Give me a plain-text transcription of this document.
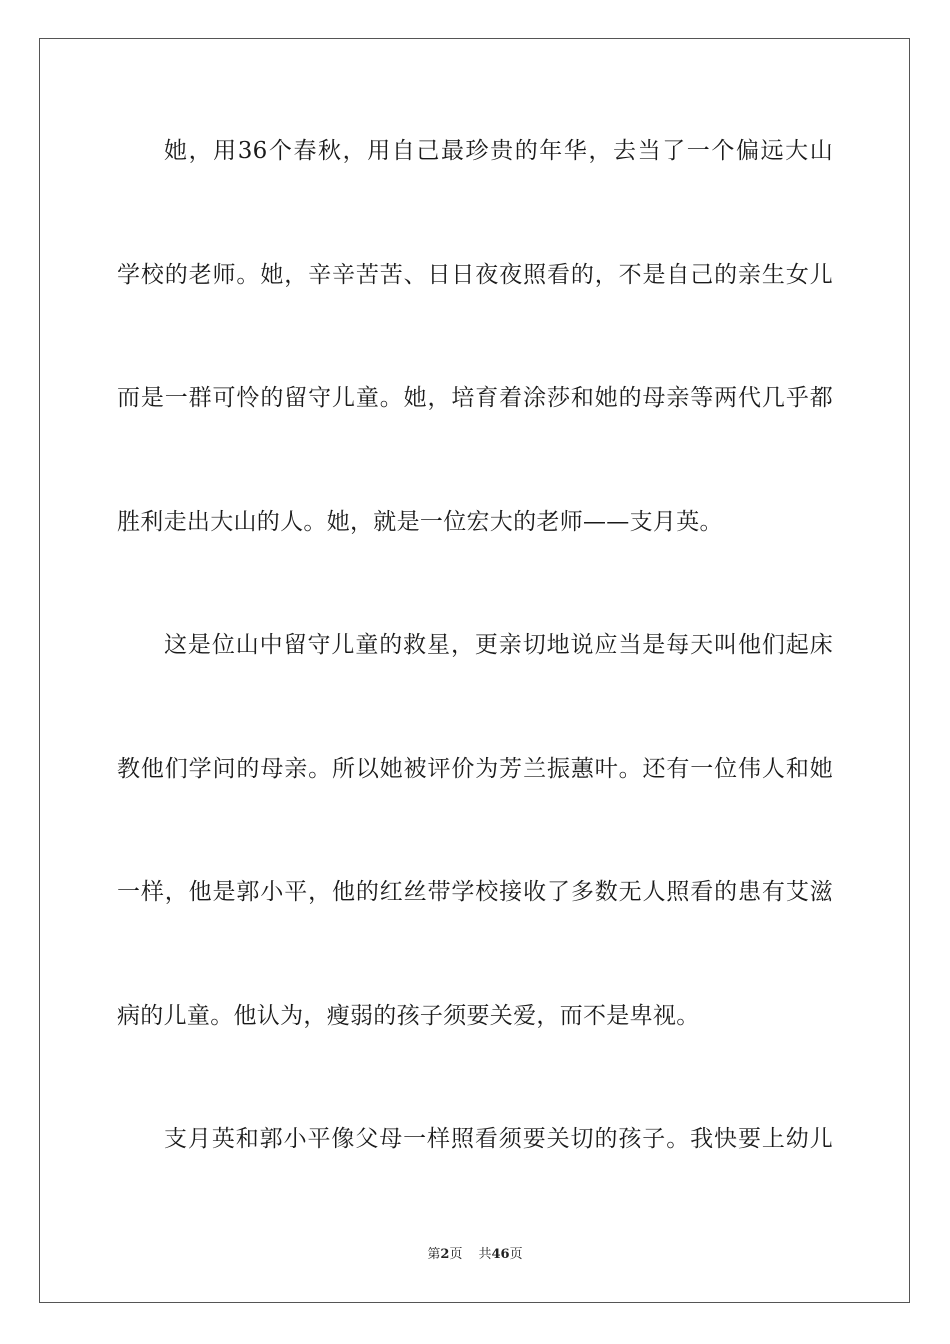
她，用36个春秋，用自己最珍贵的年华，去当了一个偏远大山
学校的老师。她，辛辛苦苦、日日夜夜照看的，不是自己的亲生女儿
而是一群可怜的留守儿童。她，培育着涂莎和她的母亲等两代几乎都
胜利走出大山的人。她，就是一位宏大的老师——支月英。
这是位山中留守儿童的救星，更亲切地说应当是每天叫他们起床
教他们学问的母亲。所以她被评价为芳兰振蕙叶。还有一位伟人和她
一样，他是郭小平，他的红丝带学校接收了多数无人照看的患有艾滋
病的儿童。他认为，瘦弱的孩子须要关爱，而不是卑视。
支月英和郭小平像父母一样照看须要关切的孩子。我快要上幼儿
第2页 共46页
